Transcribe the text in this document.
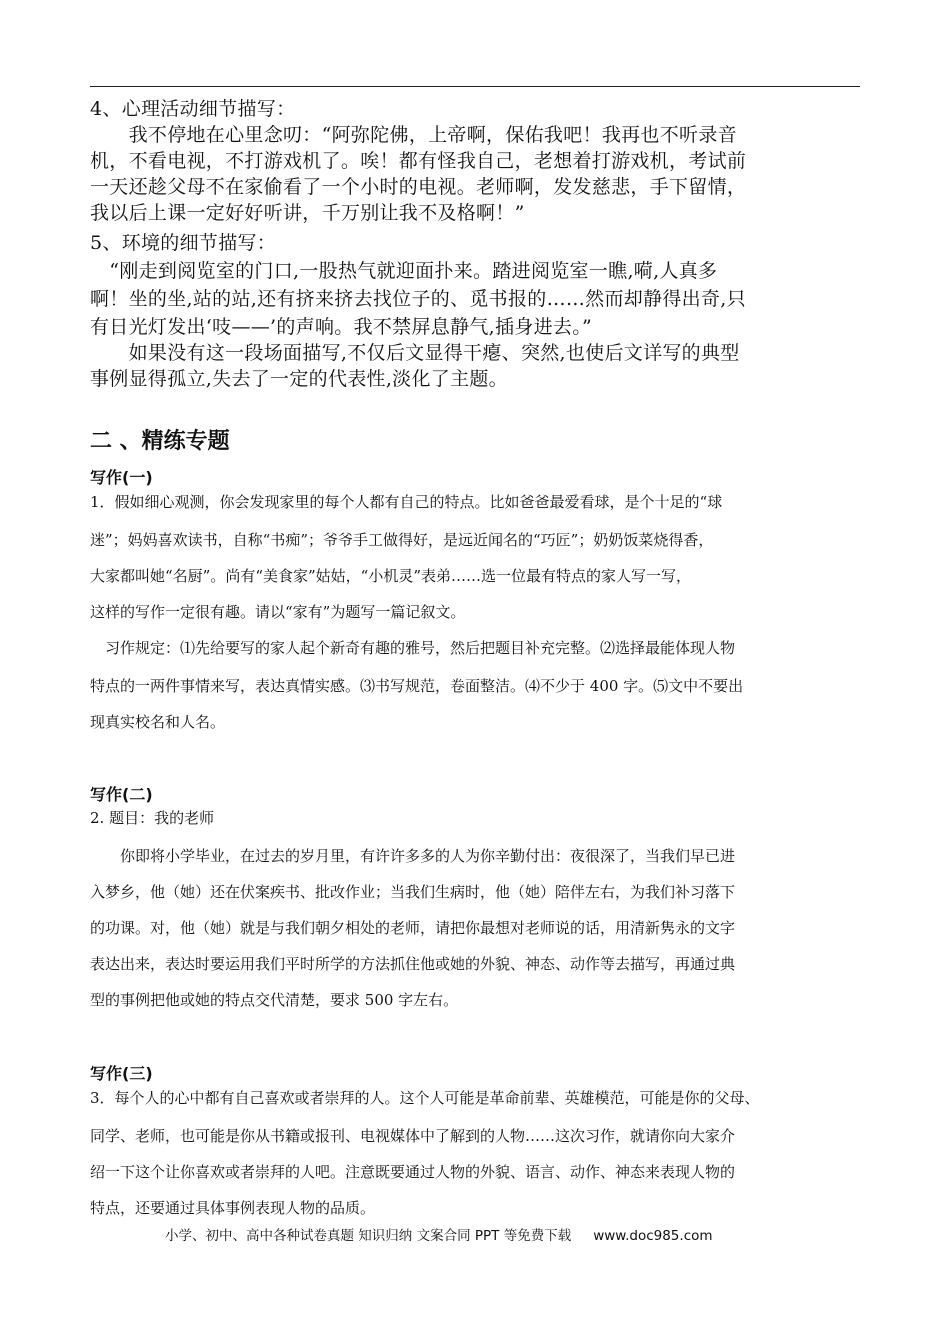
4、心理活动细节描写：

　　我不停地在心里念叨：“阿弥陀佛，上帝啊，保佑我吧！我再也不听录音

机，不看电视，不打游戏机了。唉！都有怪我自己，老想着打游戏机，考试前

一天还趁父母不在家偷看了一个小时的电视。老师啊，发发慈悲，手下留情，

我以后上课一定好好听讲，千万别让我不及格啊！”

5、环境的细节描写：

　“刚走到阅览室的门口,一股热气就迎面扑来。踏进阅览室一瞧,嗬,人真多

啊！坐的坐,站的站,还有挤来挤去找位子的、觅书报的……然而却静得出奇,只

有日光灯发出‘吱——’的声响。我不禁屏息静气,插身进去。”

　　如果没有这一段场面描写,不仅后文显得干瘪、突然,也使后文详写的典型

事例显得孤立,失去了一定的代表性,淡化了主题。

二 、精练专题
写作(一)

1．假如细心观测，你会发现家里的每个人都有自己的特点。比如爸爸最爱看球，是个十足的“球

迷”；妈妈喜欢读书，自称“书痴”；爷爷手工做得好，是远近闻名的“巧匠”；奶奶饭菜烧得香，

大家都叫她“名厨”。尚有“美食家”姑姑，“小机灵”表弟……选一位最有特点的家人写一写，

这样的写作一定很有趣。请以“家有”为题写一篇记叙文。

　习作规定：⑴先给要写的家人起个新奇有趣的雅号，然后把题目补充完整。⑵选择最能体现人物

特点的一两件事情来写，表达真情实感。⑶书写规范，卷面整洁。⑷不少于 400 字。⑸文中不要出

现真实校名和人名。

写作(二)

2. 题目：我的老师

　　你即将小学毕业，在过去的岁月里，有许许多多的人为你辛勤付出：夜很深了，当我们早已进

入梦乡，他（她）还在伏案疾书、批改作业；当我们生病时，他（她）陪伴左右，为我们补习落下

的功课。对，他（她）就是与我们朝夕相处的老师，请把你最想对老师说的话，用清新隽永的文字

表达出来，表达时要运用我们平时所学的方法抓住他或她的外貌、神态、动作等去描写，再通过典

型的事例把他或她的特点交代清楚，要求 500 字左右。

写作(三)

3．每个人的心中都有自己喜欢或者崇拜的人。这个人可能是革命前辈、英雄模范，可能是你的父母、

同学、老师，也可能是你从书籍或报刊、电视媒体中了解到的人物……这次习作，就请你向大家介

绍一下这个让你喜欢或者崇拜的人吧。注意既要通过人物的外貌、语言、动作、神态来表现人物的

特点，还要通过具体事例表现人物的品质。

小学、初中、高中各种试卷真题 知识归纳 文案合同 PPT 等免费下载 www.doc985.com
